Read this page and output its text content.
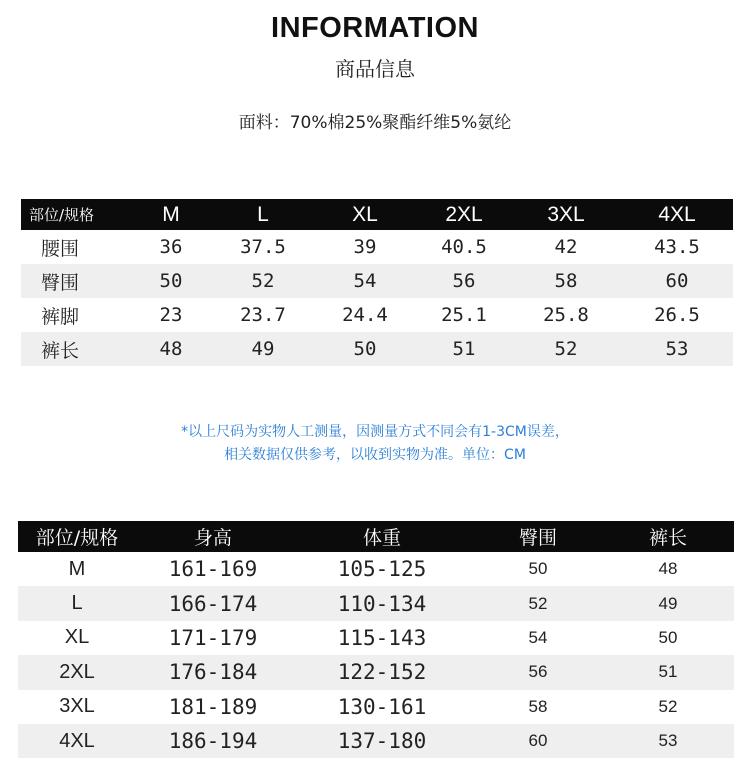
INFORMATION
商品信息
面料：70%棉25%聚酯纤维5%氨纶
部位/规格	M	L	XL	2XL	3XL	4XL
腰围	36	37.5	39	40.5	42	43.5
臀围	50	52	54	56	58	60
裤脚	23	23.7	24.4	25.1	25.8	26.5
裤长	48	49	50	51	52	53
*以上尺码为实物人工测量，因测量方式不同会有1-3CM误差，
相关数据仅供参考，以收到实物为准。单位：CM
部位/规格	身高	体重	臀围	裤长
M	161-169	105-125	50	48
L	166-174	110-134	52	49
XL	171-179	115-143	54	50
2XL	176-184	122-152	56	51
3XL	181-189	130-161	58	52
4XL	186-194	137-180	60	53
